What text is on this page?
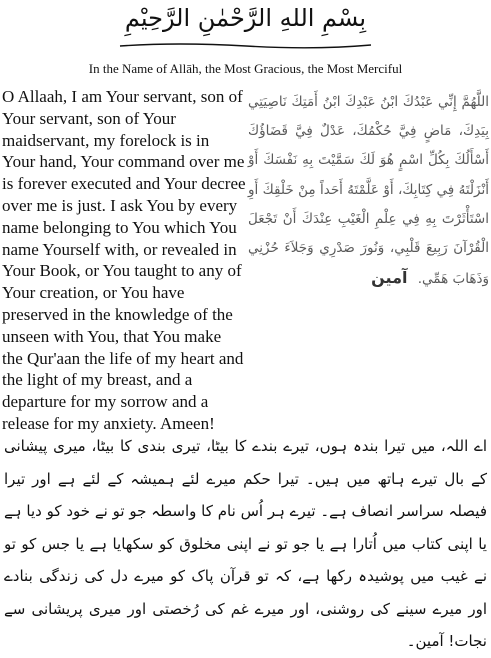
بِسْمِ اللهِ الرَّحْمٰنِ الرَّحِيْمِ
In the Name of Allāh, the Most Gracious, the Most Merciful

O Allaah, I am Your servant, son of Your servant, son of Your maidservant, my forelock is in Your hand, Your command over me is forever executed and Your decree over me is just. I ask You by every name belonging to You which You name Yourself with, or revealed in Your Book, or You taught to any of Your creation, or You have preserved in the knowledge of the unseen with You, that You make the Qur'aan the life of my heart and the light of my breast, and a departure for my sorrow and a release for my anxiety. Ameen!

اللَّهُمَّ إِنِّي عَبْدُكَ ابْنُ عَبْدِكَ ابْنُ أَمَتِكَ نَاصِيَتِي بِيَدِكَ، مَاضٍ فِيَّ حُكْمُكَ، عَدْلٌ فِيَّ قَضَاؤُكَ أَسْأَلُكَ بِكُلِّ اسْمٍ هُوَ لَكَ سَمَّيْتَ بِهِ نَفْسَكَ أَوْ أَنْزَلْتَهُ فِي كِتَابِكَ، أَوْ عَلَّمْتَهُ أَحَداً مِنْ خَلْقِكَ أَوِ اسْتَأْثَرْتَ بِهِ فِي عِلْمِ الْغَيْبِ عِنْدَكَ أَنْ تَجْعَلَ الْقُرْآنَ رَبِيعَ قَلْبِي، وَنُورَ صَدْرِي وَجَلاَءَ حُزْنِي وَذَهَابَ هَمِّي. آمين

اے اللہ، میں تیرا بندہ ہوں، تیرے بندے کا بیٹا، تیری بندی کا بیٹا، میری پیشانی کے بال تیرے ہاتھ میں ہیں۔ تیرا حکم میرے لئے ہمیشہ کے لئے ہے اور تیرا فیصلہ سراسر انصاف ہے۔ تیرے ہر اُس نام کا واسطہ جو تو نے خود کو دیا ہے یا اپنی کتاب میں اُتارا ہے یا جو تو نے اپنی مخلوق کو سکھایا ہے یا جس کو تو نے غیب میں پوشیدہ رکھا ہے، کہ تو قرآن پاک کو میرے دل کی زندگی بنادے اور میرے سینے کی روشنی، اور میرے غم کی رُخصتی اور میری پریشانی سے نجات! آمین۔
